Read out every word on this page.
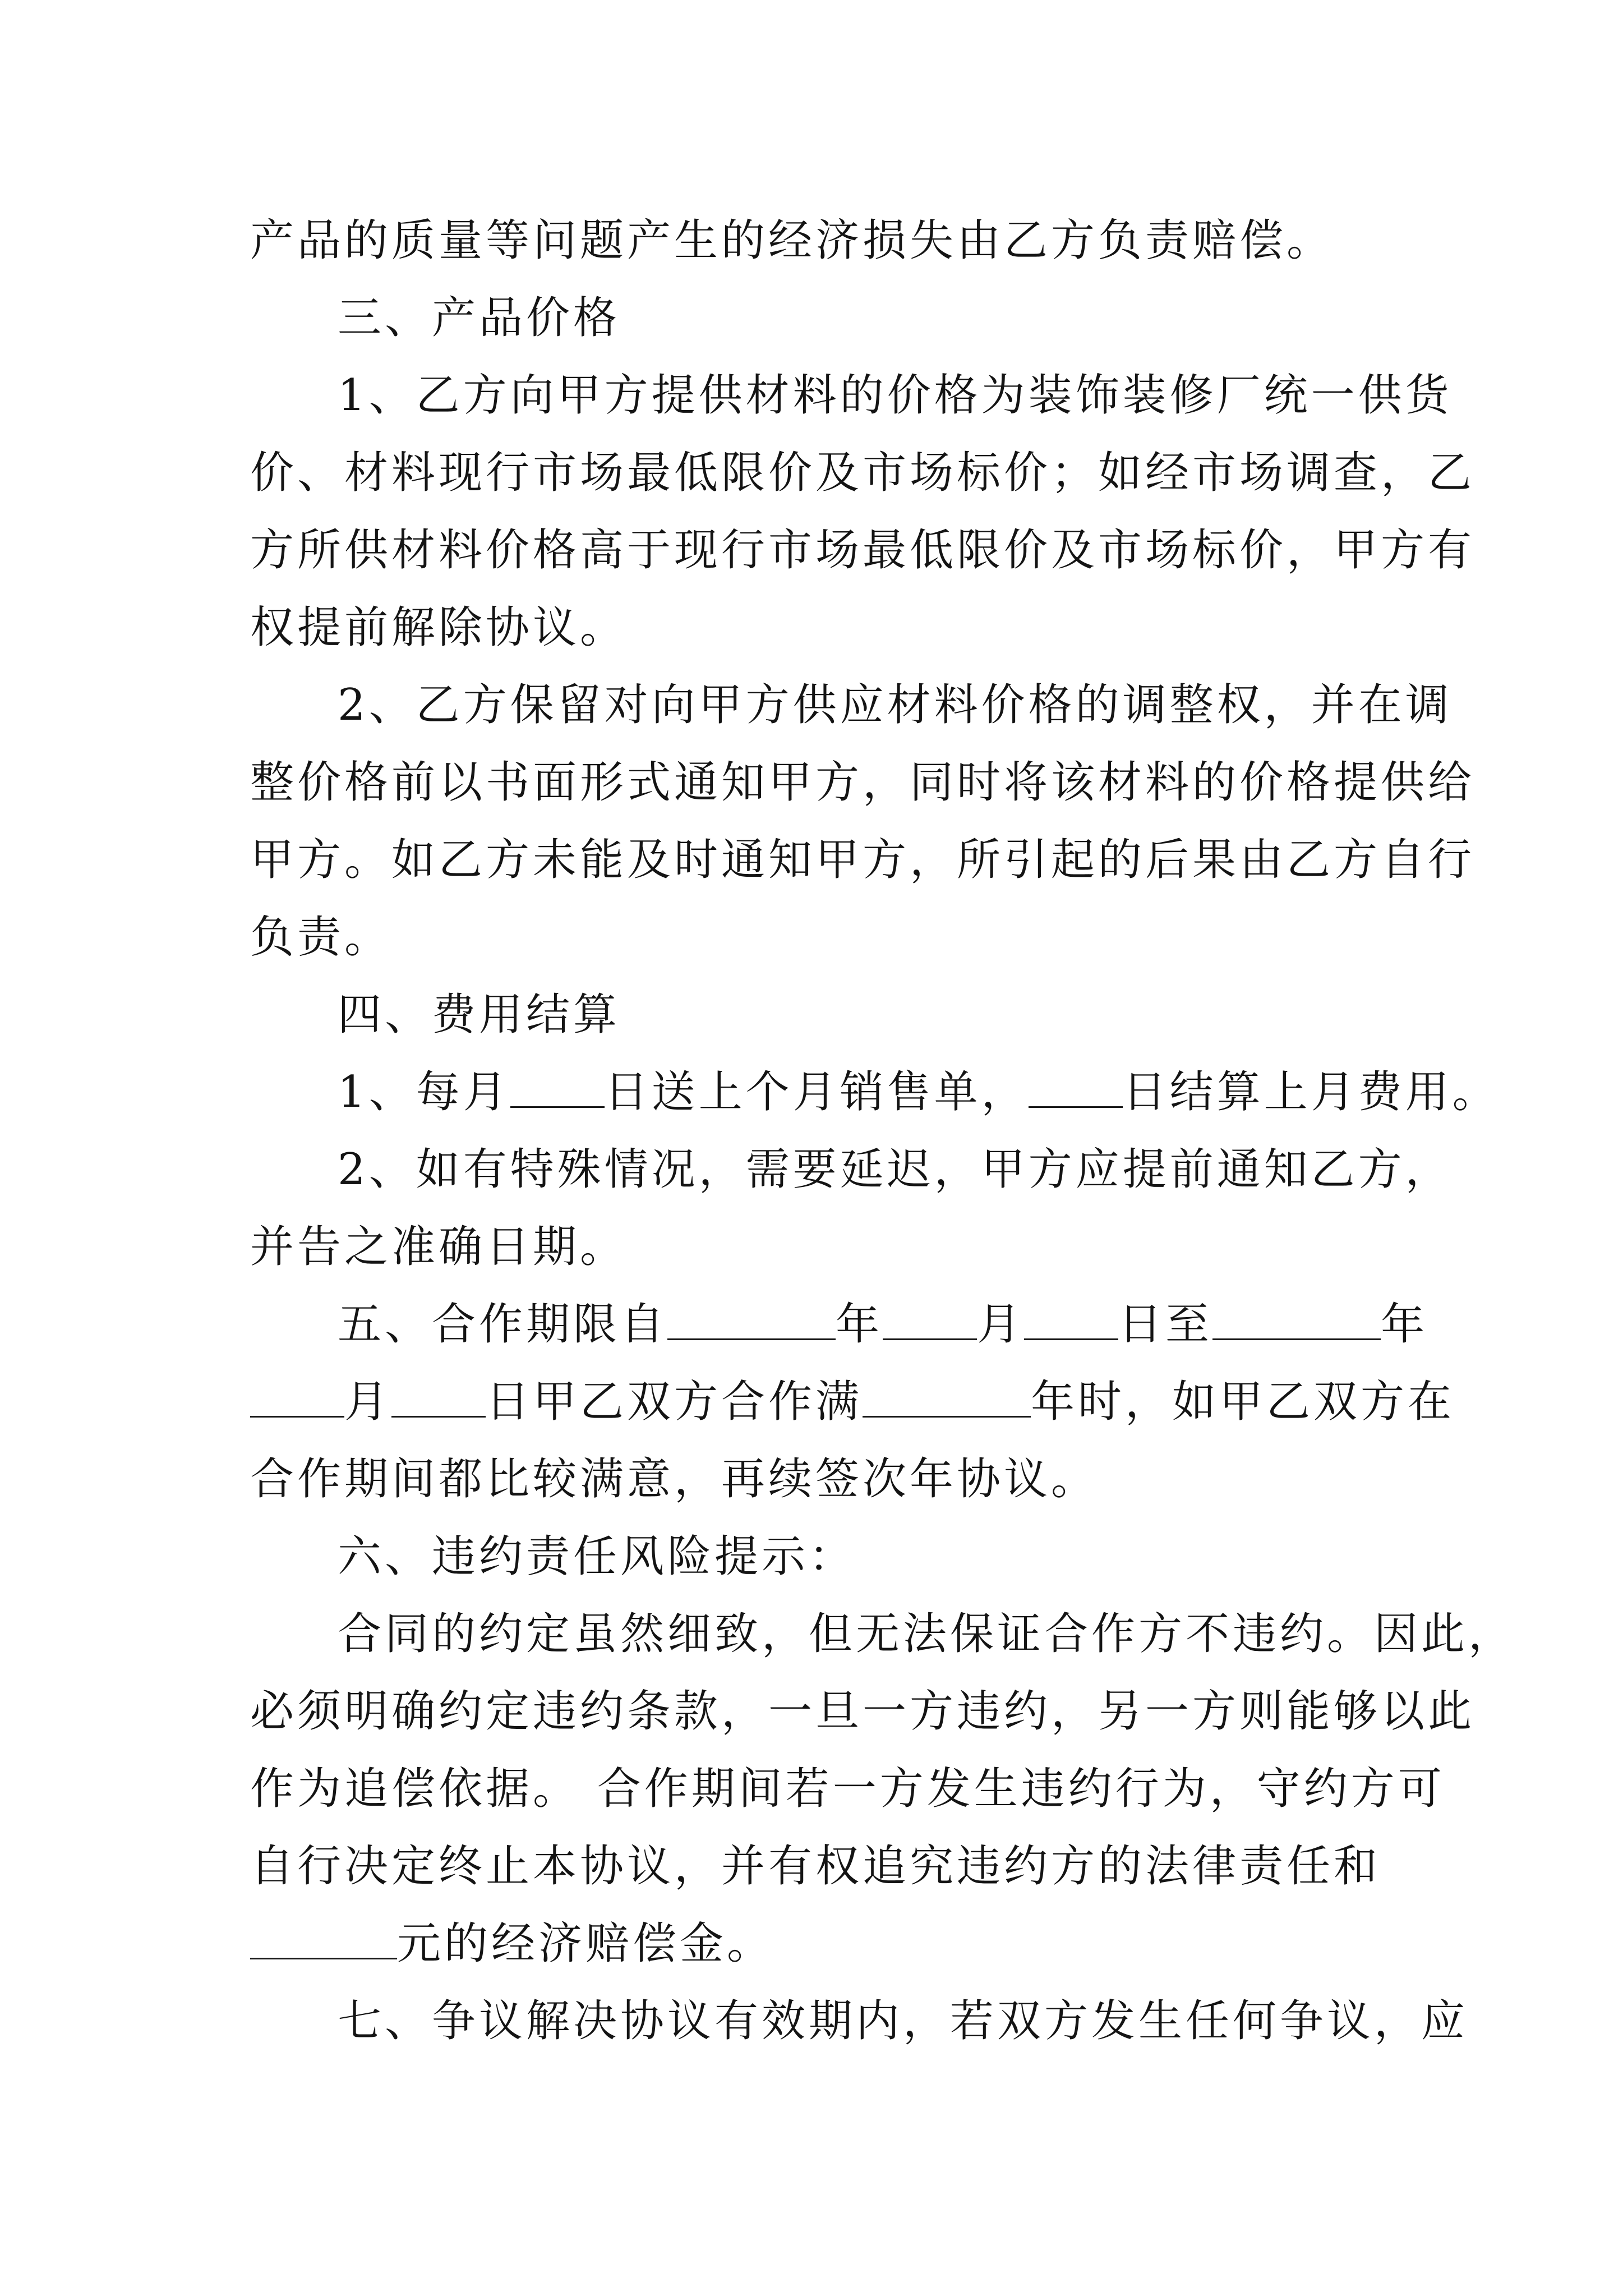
产品的质量等问题产生的经济损失由乙方负责赔偿。
三、产品价格
1、乙方向甲方提供材料的价格为装饰装修厂统一供货
价、材料现行市场最低限价及市场标价；如经市场调查，乙
方所供材料价格高于现行市场最低限价及市场标价，甲方有
权提前解除协议。
2、乙方保留对向甲方供应材料价格的调整权，并在调
整价格前以书面形式通知甲方，同时将该材料的价格提供给
甲方。如乙方未能及时通知甲方，所引起的后果由乙方自行
负责。
四、费用结算
1、每月 日送上个月销售单， 日结算上月费用。
2、如有特殊情况，需要延迟，甲方应提前通知乙方，
并告之准确日期。
五、合作期限自	年 月 日至	年
月 日甲乙双方合作满	年时，如甲乙双方在
合作期间都比较满意，再续签次年协议。
六、违约责任风险提示：
合同的约定虽然细致，但无法保证合作方不违约。因此，
必须明确约定违约条款，一旦一方违约，另一方则能够以此
作为追偿依据。 合作期间若一方发生违约行为，守约方可
自行决定终止本协议，并有权追究违约方的法律责任和
元的经济赔偿金。
七、争议解决协议有效期内，若双方发生任何争议，应
